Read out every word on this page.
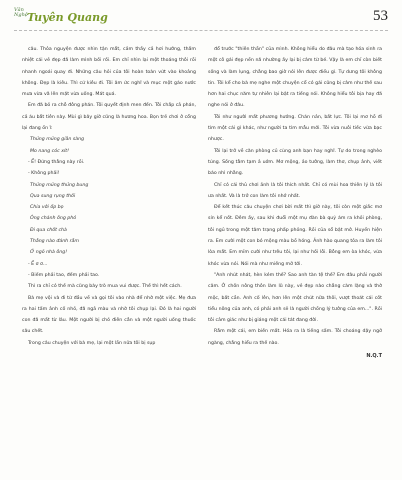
Văn Nghệ Tuyên Quang	53

câu. Thỏa nguyện được nhìn tận mắt, cảm thấy cả hơi hướng, thấm nhiệt cái vẻ đẹp đã làm mình bối rối. Em chỉ nhìn lại một thoáng thôi rồi nhanh ngoái quay đi. Những câu hỏi của tôi hoàn toàn vứt vào khoảng không. Đẹp là kiêu. Thì cứ kiêu đi. Tôi âm ức nghĩ và mục một gáo nước mưa vừa vã lên mặt vừa uống. Mát quá.

Em đã bỏ ra chỗ đông phán. Tôi quyết định men đến. Tôi chấp cả phán, cả áu bắt tiên này. Mùi gì bây giờ cũng là hương hoa. Bọn trẻ chơi ở cổng lại đang ồn ĩ:

Thủng mủng giần sàng

Mo nang cóc xít!

- Ể! Đứng thằng này rồi.

- Không phải!

Thủng mủng thủng bung

Qua sung rụng thối

Chia với ốp bọ

Ông chánh ông phó

Đi qua chốt chà

Thằng nào đánh rắm

Ở ngõ nhà ông!

- Ể ơ ơ...

- Biếm phải tao, đếm phải tao.

Thì ra chỉ có thế mà cũng bày trò mua vui được. Thế thì hết cách.

Bà mẹ vội và đi từ đầu về và gọi tôi vào nhà để nhờ một việc. Mẹ đưa ra hai tấm ảnh cố nhỏ, đã ngả màu và nhờ tôi chụp lại. Đó là hai người con đã mất từ lâu. Một người bị chó điên cắn và một người uống thuốc sâu chết.

Trong câu chuyện với bà mẹ, lại một lần nữa tôi bị sụp

đổ trước "thiên thần" của mình. Không hiểu do đâu mà tạo hóa sinh ra một cô gái đẹp nền nã nhường ấy lại bị câm từ bé. Vậy là em chỉ còn biết sống và làm lụng, chẳng bao giờ nói lên được điều gì. Tự dưng tôi không tin. Tôi kể cho bà mẹ nghe một chuyện cổ có gái cũng bị câm như thế sau hơn hai chục năm tự nhiên lại bật ra tiếng nói. Không hiểu tôi bịa hay đã nghe nói ở đâu.

Tôi như người mất phương hướng. Chán nản, bất lực. Tôi lại mơ hồ đi tìm một cái gì khác, như người ta tìm mẫu mới. Tôi vừa nuôi tiếc vừa bạc nhược.

Tôi lại trở về căn phòng củ cùng anh bạn hay nghĩ. Tự do trong nghèo túng. Sống tằm tạm ả uớm. Mơ mộng, ảo tưởng, làm thơ, chụp ảnh, viết báo nhì nhằng.

Chỉ có cái thủ chơi ảnh là tôi thích nhất. Chỉ có mùi hoa thiên lý là tôi ưa nhất. Và là trở con làm tôi nhớ nhất.

Để kết thúc câu chuyện chơi bời mất thì giờ này, tôi còn một giấc mơ sín kể nốt. Đêm ấy, sau khi đuổi một mụ đàn bà quỷ ám ra khỏi phòng, tôi ngủ trong một tâm trạng phấp phỏng. Rồi của sổ bật mở. Huyền hiện ra. Em cười một con bó mộng màu bồ hóng. Ảnh hào quang tỏa ra làm tôi lòa mắt. Em mỉm cười như trêu tôi, lại như hối lỗi. Bỗng em òa khóc, vừa khóc vừa nói. Nói mà như miếng mỡ tới.

"Anh nhút nhát, hèn kém thế? Sao anh tàn tệ thế? Em đâu phải người câm. Ở chốn nông thôn làm lũ này, vẻ đẹp nào chẳng càm lặng và thờ mộc, bất cần. Anh cố lên, hơn lên một chút nữa thôi, vượt thoát cái cốt tiểu nông của anh, có phải anh sẽ là người chồng lý tưởng của em...". Rồi tôi cảm giác như bị giáng một cái tát đang đời.

Rằm một cái, em biến mất. Hóa ra là tiếng sấm. Tôi choáng dậy ngỡ ngàng, chẳng hiểu ra thế nào.

N.Q.T
